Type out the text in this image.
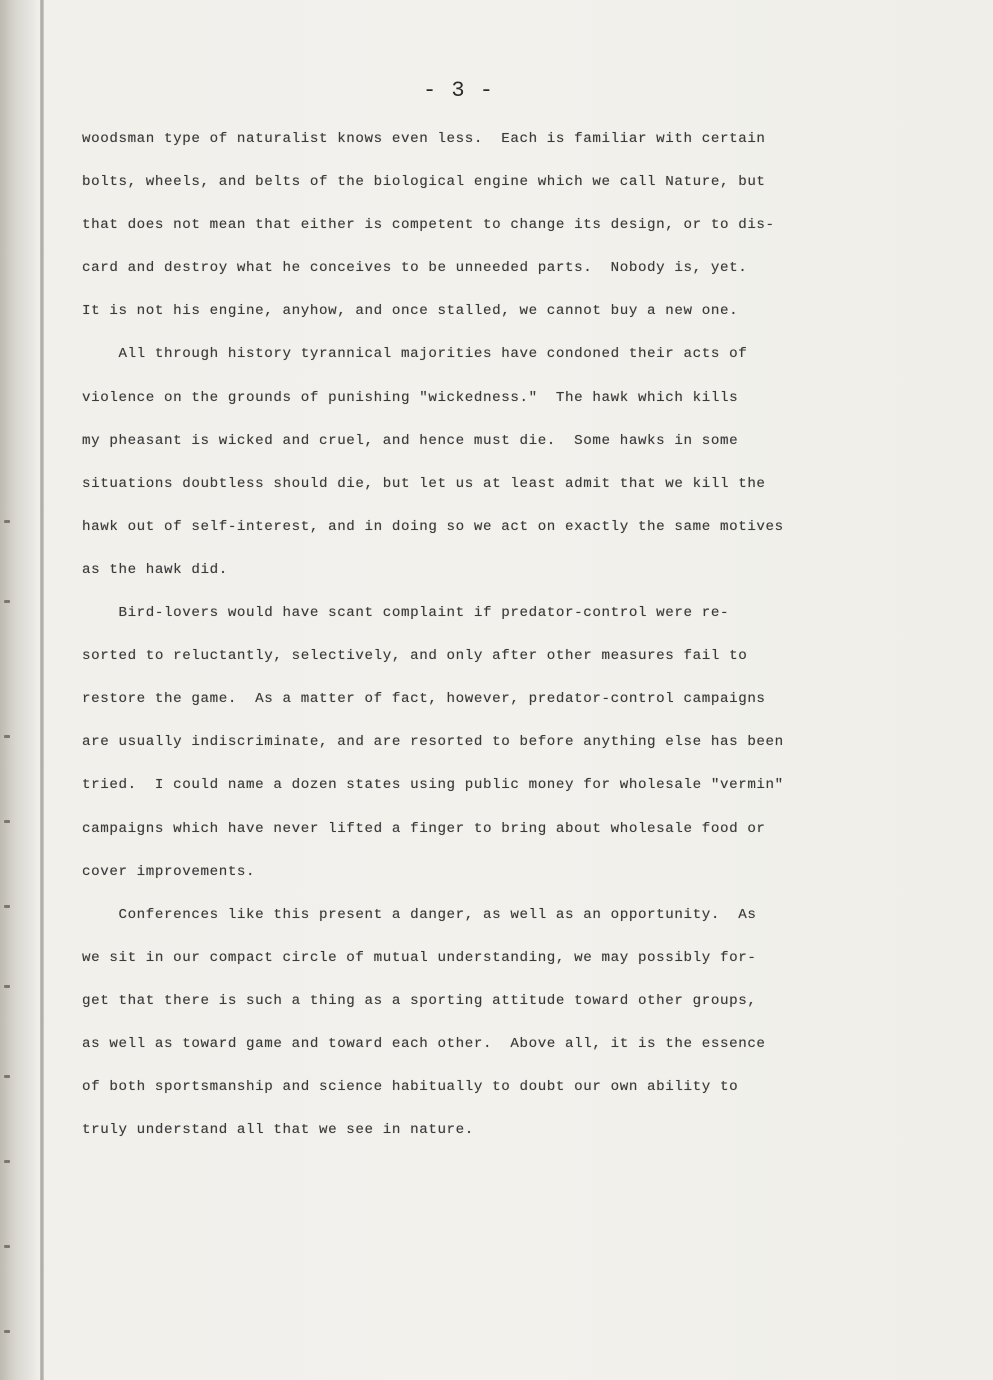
- 3 -

woodsman type of naturalist knows even less.  Each is familiar with certain
bolts, wheels, and belts of the biological engine which we call Nature, but
that does not mean that either is competent to change its design, or to dis-
card and destroy what he conceives to be unneeded parts.  Nobody is, yet.
It is not his engine, anyhow, and once stalled, we cannot buy a new one.

All through history tyrannical majorities have condoned their acts of
violence on the grounds of punishing "wickedness."  The hawk which kills
my pheasant is wicked and cruel, and hence must die.  Some hawks in some
situations doubtless should die, but let us at least admit that we kill the
hawk out of self-interest, and in doing so we act on exactly the same motives
as the hawk did.

Bird-lovers would have scant complaint if predator-control were re-
sorted to reluctantly, selectively, and only after other measures fail to
restore the game.  As a matter of fact, however, predator-control campaigns
are usually indiscriminate, and are resorted to before anything else has been
tried.  I could name a dozen states using public money for wholesale "vermin"
campaigns which have never lifted a finger to bring about wholesale food or
cover improvements.

Conferences like this present a danger, as well as an opportunity.  As
we sit in our compact circle of mutual understanding, we may possibly for-
get that there is such a thing as a sporting attitude toward other groups,
as well as toward game and toward each other.  Above all, it is the essence
of both sportsmanship and science habitually to doubt our own ability to
truly understand all that we see in nature.
